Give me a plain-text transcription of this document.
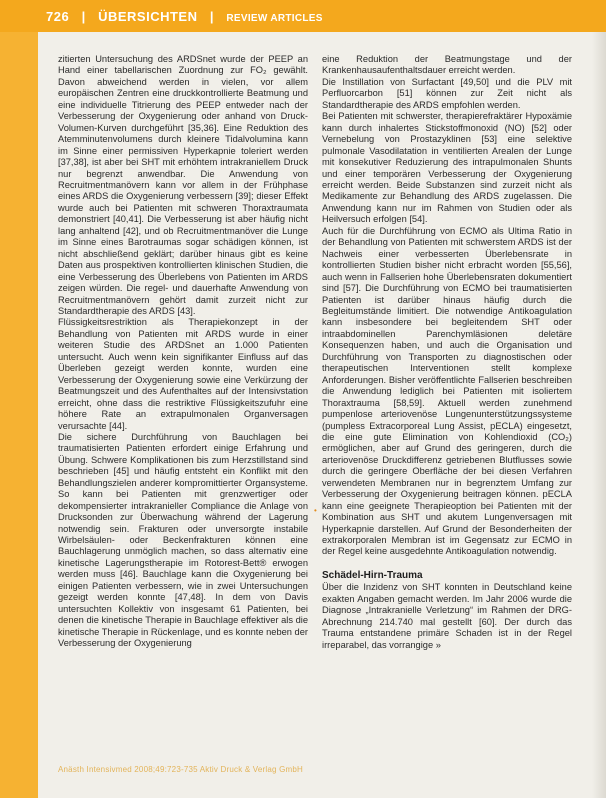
726 | ÜBERSICHTEN | REVIEW ARTICLES

zitierten Untersuchung des ARDSnet wurde der PEEP an Hand einer tabellarischen Zuordnung zur FO₂ gewählt. Davon abweichend werden in vielen, vor allem europäischen Zentren eine druckkontrollierte Beatmung und eine individuelle Titrierung des PEEP entweder nach der Verbesserung der Oxygenierung oder anhand von Druck-Volumen-Kurven durchgeführt [35,36]. Eine Reduktion des Atemminutenvolumens durch kleinere Tidalvolumina kann im Sinne einer permissiven Hyperkapnie toleriert werden [37,38], ist aber bei SHT mit erhöhtem intrakraniellem Druck nur begrenzt anwendbar. Die Anwendung von Recruitmentmanövern kann vor allem in der Frühphase eines ARDS die Oxygenierung verbessern [39]; dieser Effekt wurde auch bei Patienten mit schweren Thoraxtraumata demonstriert [40,41]. Die Verbesserung ist aber häufig nicht lang anhaltend [42], und ob Recruitmentmanöver die Lunge im Sinne eines Barotraumas sogar schädigen können, ist nicht abschließend geklärt; darüber hinaus gibt es keine Daten aus prospektiven kontrollierten klinischen Studien, die eine Verbesserung des Überlebens von Patienten im ARDS zeigen würden. Die regel- und dauerhafte Anwendung von Recruitmentmanövern gehört damit zurzeit nicht zur Standardtherapie des ARDS [43].

Flüssigkeitsrestriktion als Therapiekonzept in der Behandlung von Patienten mit ARDS wurde in einer weiteren Studie des ARDSnet an 1.000 Patienten untersucht. Auch wenn kein signifikanter Einfluss auf das Überleben gezeigt werden konnte, wurden eine Verbesserung der Oxygenierung sowie eine Verkürzung der Beatmungszeit und des Aufenthaltes auf der Intensivstation erreicht, ohne dass die restriktive Flüssigkeitszufuhr eine höhere Rate an extrapulmonalen Organversagen verursachte [44].

Die sichere Durchführung von Bauchlagen bei traumatisierten Patienten erfordert einige Erfahrung und Übung. Schwere Komplikationen bis zum Herzstillstand sind beschrieben [45] und häufig entsteht ein Konflikt mit den Behandlungszielen anderer kompromittierter Organsysteme. So kann bei Patienten mit grenzwertiger oder dekompensierter intrakranieller Compliance die Anlage von Drucksonden zur Überwachung während der Lagerung notwendig sein. Frakturen oder unversorgte instabile Wirbelsäulen- oder Beckenfrakturen können eine Bauchlagerung unmöglich machen, so dass alternativ eine kinetische Lagerungstherapie im Rotorest-Bett® erwogen werden muss [46]. Bauchlage kann die Oxygenierung bei einigen Patienten verbessern, wie in zwei Untersuchungen gezeigt werden konnte [47,48]. In dem von Davis untersuchten Kollektiv von insgesamt 61 Patienten, bei denen die kinetische Therapie in Bauchlage effektiver als die kinetische Therapie in Rückenlage, und es konnte neben der Verbesserung der Oxygenierung

•

eine Reduktion der Beatmungstage und der Krankenhausaufenthaltsdauer erreicht werden.

Die Instillation von Surfactant [49,50] und die PLV mit Perfluorcarbon [51] können zur Zeit nicht als Standardtherapie des ARDS empfohlen werden.

Bei Patienten mit schwerster, therapierefraktärer Hypoxämie kann durch inhalertes Stickstoffmonoxid (NO) [52] oder Vernebelung von Prostazyklinen [53] eine selektive pulmonale Vasodilatation in ventilierten Arealen der Lunge mit konsekutiver Reduzierung des intrapulmonalen Shunts und einer temporären Verbesserung der Oxygenierung erreicht werden. Beide Substanzen sind zurzeit nicht als Medikamente zur Behandlung des ARDS zugelassen. Die Anwendung kann nur im Rahmen von Studien oder als Heilversuch erfolgen [54].

Auch für die Durchführung von ECMO als Ultima Ratio in der Behandlung von Patienten mit schwerstem ARDS ist der Nachweis einer verbesserten Überlebensrate in kontrollierten Studien bisher nicht erbracht worden [55,56], auch wenn in Fallserien hohe Überlebensraten dokumentiert sind [57]. Die Durchführung von ECMO bei traumatisierten Patienten ist darüber hinaus häufig durch die Begleitumstände limitiert. Die notwendige Antikoagulation kann insbesondere bei begleitendem SHT oder intraabdominellen Parenchymläsionen deletäre Konsequenzen haben, und auch die Organisation und Durchführung von Transporten zu diagnostischen oder therapeutischen Interventionen stellt komplexe Anforderungen. Bisher veröffentlichte Fallserien beschreiben die Anwendung lediglich bei Patienten mit isoliertem Thoraxtrauma [58,59]. Aktuell werden zunehmend pumpenlose arteriovenöse Lungenunterstützungssysteme (pumpless Extracorporeal Lung Assist, pECLA) eingesetzt, die eine gute Elimination von Kohlendioxid (CO₂) ermöglichen, aber auf Grund des geringeren, durch die arteriovenöse Druckdifferenz getriebenen Blutflusses sowie durch die geringere Oberfläche der bei diesen Verfahren verwendeten Membranen nur in begrenztem Umfang zur Verbesserung der Oxygenierung beitragen können. pECLA kann eine geeignete Therapieoption bei Patienten mit der Kombination aus SHT und akutem Lungenversagen mit Hyperkapnie darstellen. Auf Grund der Besonderheiten der extrakorporalen Membran ist im Gegensatz zur ECMO in der Regel keine ausgedehnte Antikoagulation notwendig.

Schädel-Hirn-Trauma

Über die Inzidenz von SHT konnten in Deutschland keine exakten Angaben gemacht werden. Im Jahr 2006 wurde die Diagnose „Intrakranielle Verletzung“ im Rahmen der DRG-Abrechnung 214.740 mal gestellt [60]. Der durch das Trauma entstandene primäre Schaden ist in der Regel irreparabel, das vorrangige »

Anästh Intensivmed 2008;49:723-735 Aktiv Druck & Verlag GmbH
